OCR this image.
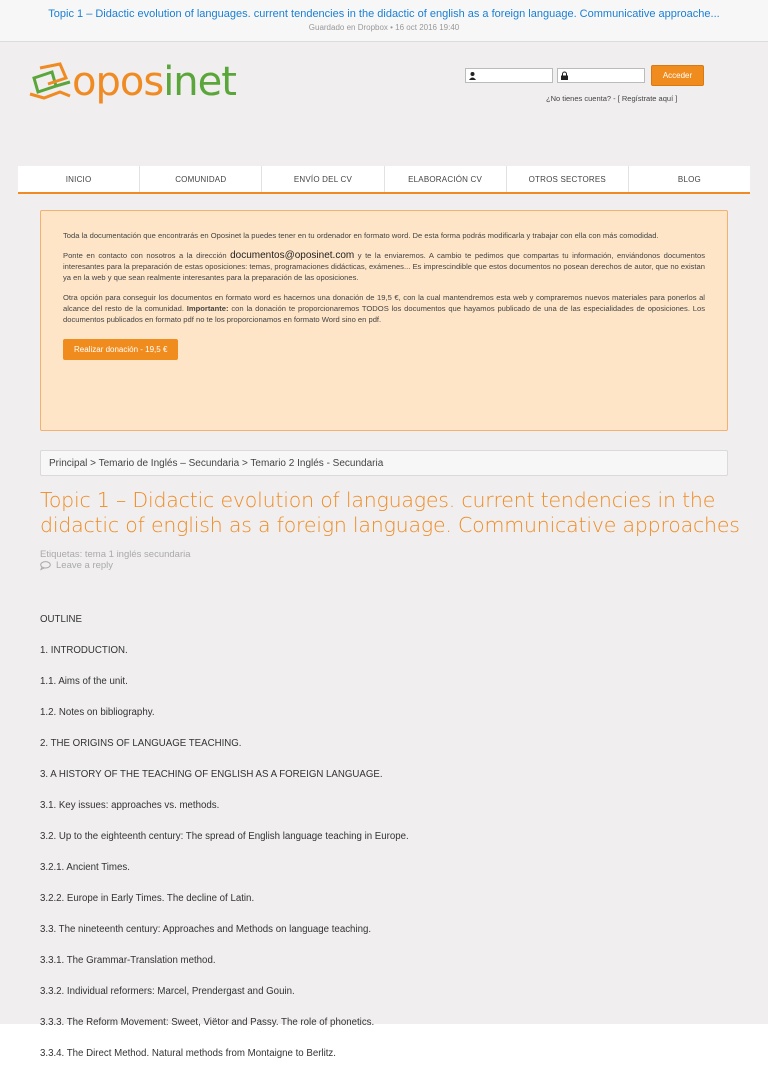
Topic 1 – Didactic evolution of languages. current tendencies in the didactic of english as a foreign language. Communicative approache...
Guardado en Dropbox • 16 oct 2016 19:40
oposinet	Acceder
¿No tienes cuenta? - [ Regístrate aquí ]
INICIO	COMUNIDAD	ENVÍO DEL CV	ELABORACIÓN CV	OTROS SECTORES	BLOG

Toda la documentación que encontrarás en Oposinet la puedes tener en tu ordenador en formato word. De esta forma podrás modificarla y trabajar con ella con más comodidad.

Ponte en contacto con nosotros a la dirección documentos@oposinet.com y te la enviaremos. A cambio te pedimos que compartas tu información, enviándonos documentos interesantes para la preparación de estas oposiciones: temas, programaciones didácticas, exámenes... Es imprescindible que estos documentos no posean derechos de autor, que no existan ya en la web y que sean realmente interesantes para la preparación de las oposiciones.

Otra opción para conseguir los documentos en formato word es hacernos una donación de 19,5 €, con la cual mantendremos esta web y compraremos nuevos materiales para ponerlos al alcance del resto de la comunidad. Importante: con la donación te proporcionaremos TODOS los documentos que hayamos publicado de una de las especialidades de oposiciones. Los documentos publicados en formato pdf no te los proporcionamos en formato Word sino en pdf.

Realizar donación - 19,5 €
Principal > Temario de Inglés – Secundaria > Temario 2 Inglés - Secundaria
Topic 1 – Didactic evolution of languages. current tendencies in the didactic of english as a foreign language. Communicative approaches
Etiquetas: tema 1 inglés secundaria
Leave a reply
OUTLINE
1. INTRODUCTION.
1.1. Aims of the unit.
1.2. Notes on bibliography.
2. THE ORIGINS OF LANGUAGE TEACHING.
3. A HISTORY OF THE TEACHING OF ENGLISH AS A FOREIGN LANGUAGE.
3.1. Key issues: approaches vs. methods.
3.2. Up to the eighteenth century: The spread of English language teaching in Europe.
3.2.1. Ancient Times.
3.2.2. Europe in Early Times. The decline of Latin.
3.3. The nineteenth century: Approaches and Methods on language teaching.
3.3.1. The Grammar-Translation method.
3.3.2. Individual reformers: Marcel, Prendergast and Gouin.
3.3.3. The Reform Movement: Sweet, Viëtor and Passy. The role of phonetics.
3.3.4. The Direct Method. Natural methods from Montaigne to Berlitz.
